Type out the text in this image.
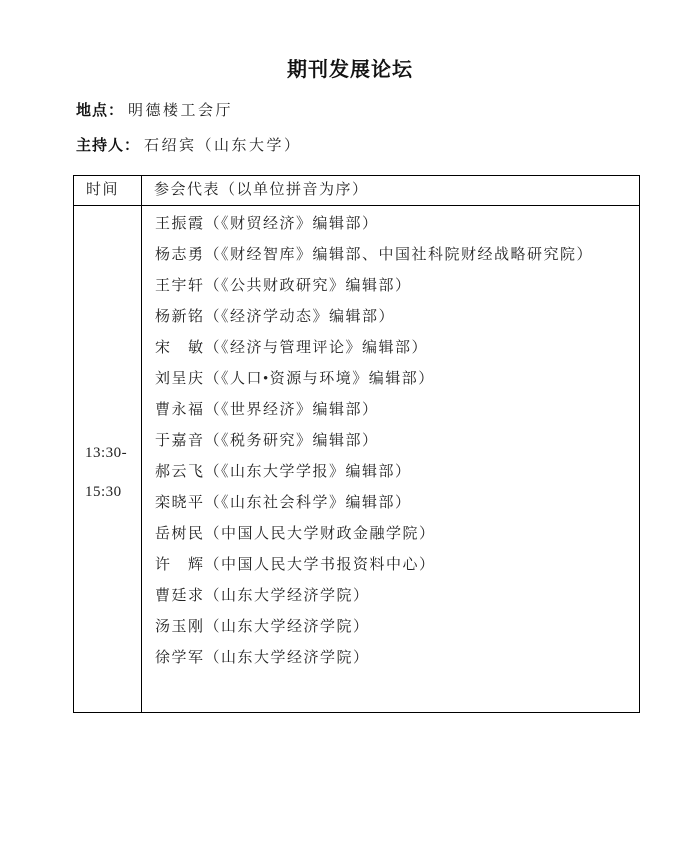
期刊发展论坛
地点： 明德楼工会厅
主持人： 石绍宾（山东大学）
时间	参会代表（以单位拼音为序）
13:30-
15:30
王振霞（《财贸经济》编辑部）
杨志勇（《财经智库》编辑部、中国社科院财经战略研究院）
王宇轩（《公共财政研究》编辑部）
杨新铭（《经济学动态》编辑部）
宋　敏（《经济与管理评论》编辑部）
刘呈庆（《人口•资源与环境》编辑部）
曹永福（《世界经济》编辑部）
于嘉音（《税务研究》编辑部）
郝云飞（《山东大学学报》编辑部）
栾晓平（《山东社会科学》编辑部）
岳树民（中国人民大学财政金融学院）
许　辉（中国人民大学书报资料中心）
曹廷求（山东大学经济学院）
汤玉刚（山东大学经济学院）
徐学军（山东大学经济学院）
